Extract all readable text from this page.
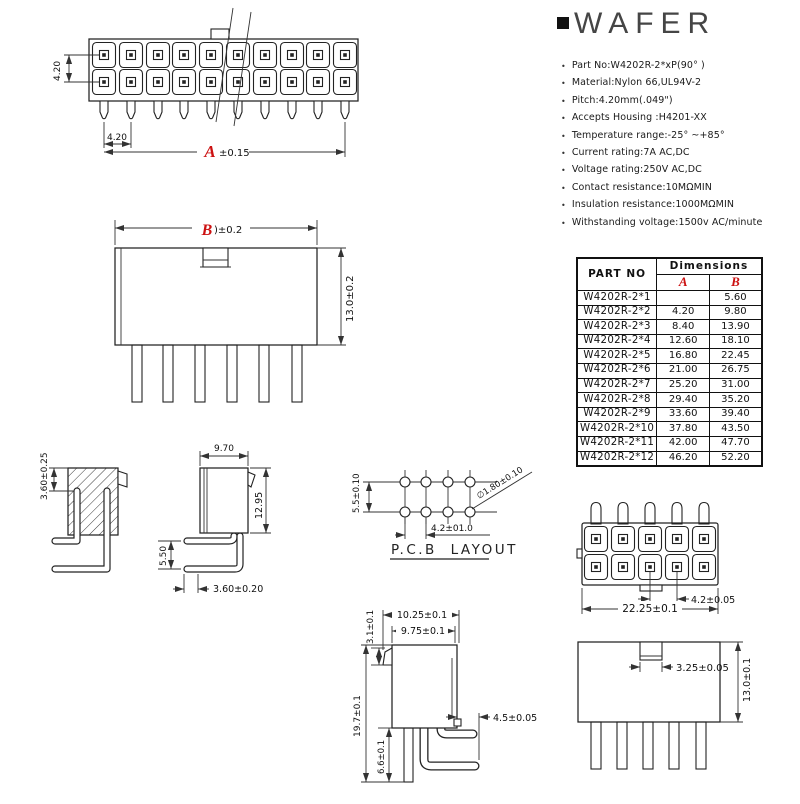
4.20
4.20
A ±0.15
B )±0.2
13.0±0.2
3.60±0.25
9.70
12.95
5.50
3.60±0.20
5.5±0.10
4.2±01.0
∅1.80±0.10
P.C.B LAYOUT
4.2±0.05
22.25±0.1
10.25±0.1
9.75±0.1
3.1±0.1
19.7±0.1
6.6±0.1
4.5±0.05
3.25±0.05 13.0±0.1
WAFER
• Part No:W4202R-2*xP(90° )
• Material:Nylon 66,UL94V-2
• Pitch:4.20mm(.049")
• Accepts Housing :H4201-XX
• Temperature range:-25° ~+85°
• Current rating:7A AC,DC
• Voltage rating:250V AC,DC
• Contact resistance:10MΩMIN
• Insulation resistance:1000MΩMIN
• Withstanding voltage:1500v AC/minute
PART NO	Dimensions	
	A	B
W4202R-2*1		5.60
W4202R-2*2	4.20	9.80
W4202R-2*3	8.40	13.90
W4202R-2*4	12.60	18.10
W4202R-2*5	16.80	22.45
W4202R-2*6	21.00	26.75
W4202R-2*7	25.20	31.00
W4202R-2*8	29.40	35.20
W4202R-2*9	33.60	39.40
W4202R-2*10	37.80	43.50
W4202R-2*11	42.00	47.70
W4202R-2*12	46.20	52.20
